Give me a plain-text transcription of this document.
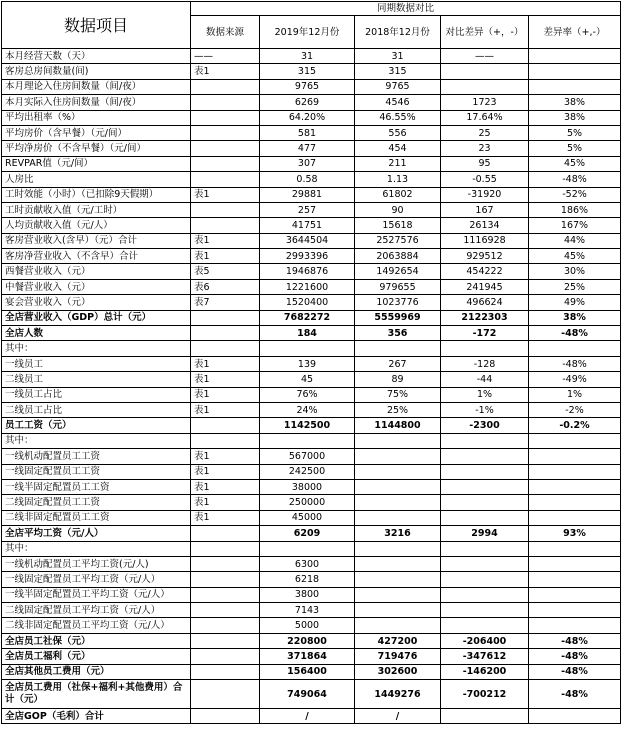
数据项目	同期数据对比				
	数据来源	2019年12月份	2018年12月份	对比差异（+，-）	差异率（+,-）
本月经营天数（天）	——	31	31	——	
客房总房间数量(间)	表1	315	315		
本月理论入住房间数量（间/夜）		9765	9765		
本月实际入住房间数量（间/夜）		6269	4546	1723	38%
平均出租率（%）		64.20%	46.55%	17.64%	38%
平均房价（含早餐）（元/间）		581	556	25	5%
平均净房价（不含早餐）（元/间）		477	454	23	5%
REVPAR值（元/间）		307	211	95	45%
人房比		0.58	1.13	-0.55	-48%
工时效能（小时）（已扣除9天假期）	表1	29881	61802	-31920	-52%
工时贡献收入值（元/工时）		257	90	167	186%
人均贡献收入值（元/人）		41751	15618	26134	167%
客房营业收入(含早）（元）合计	表1	3644504	2527576	1116928	44%
客房净营业收入（不含早）合计	表1	2993396	2063884	929512	45%
西餐营业收入（元）	表5	1946876	1492654	454222	30%
中餐营业收入（元）	表6	1221600	979655	241945	25%
宴会营业收入（元）	表7	1520400	1023776	496624	49%
全店营业收入（GDP）总计（元）		7682272	5559969	2122303	38%
全店人数		184	356	-172	-48%
其中：					
一线员工	表1	139	267	-128	-48%
二线员工	表1	45	89	-44	-49%
一线员工占比	表1	76%	75%	1%	1%
二线员工占比	表1	24%	25%	-1%	-2%
员工工资（元）		1142500	1144800	-2300	-0.2%
其中：					
一线机动配置员工工资	表1	567000			
一线固定配置员工工资	表1	242500			
一线半固定配置员工工资	表1	38000			
二线固定配置员工工资	表1	250000			
二线非固定配置员工工资	表1	45000			
全店平均工资（元/人）		6209	3216	2994	93%
其中：					
一线机动配置员工平均工资(元/人)		6300			
一线固定配置员工平均工资（元/人）		6218			
一线半固定配置员工平均工资（元/人）		3800			
二线固定配置员工平均工资（元/人）		7143			
二线非固定配置员工平均工资（元/人）		5000			
全店员工社保（元）		220800	427200	-206400	-48%
全店员工福利（元）		371864	719476	-347612	-48%
全店其他员工费用（元）		156400	302600	-146200	-48%
全店员工费用（社保+福利+其他费用）合计（元）		749064	1449276	-700212	-48%
全店GOP（毛利）合计		/	/		
